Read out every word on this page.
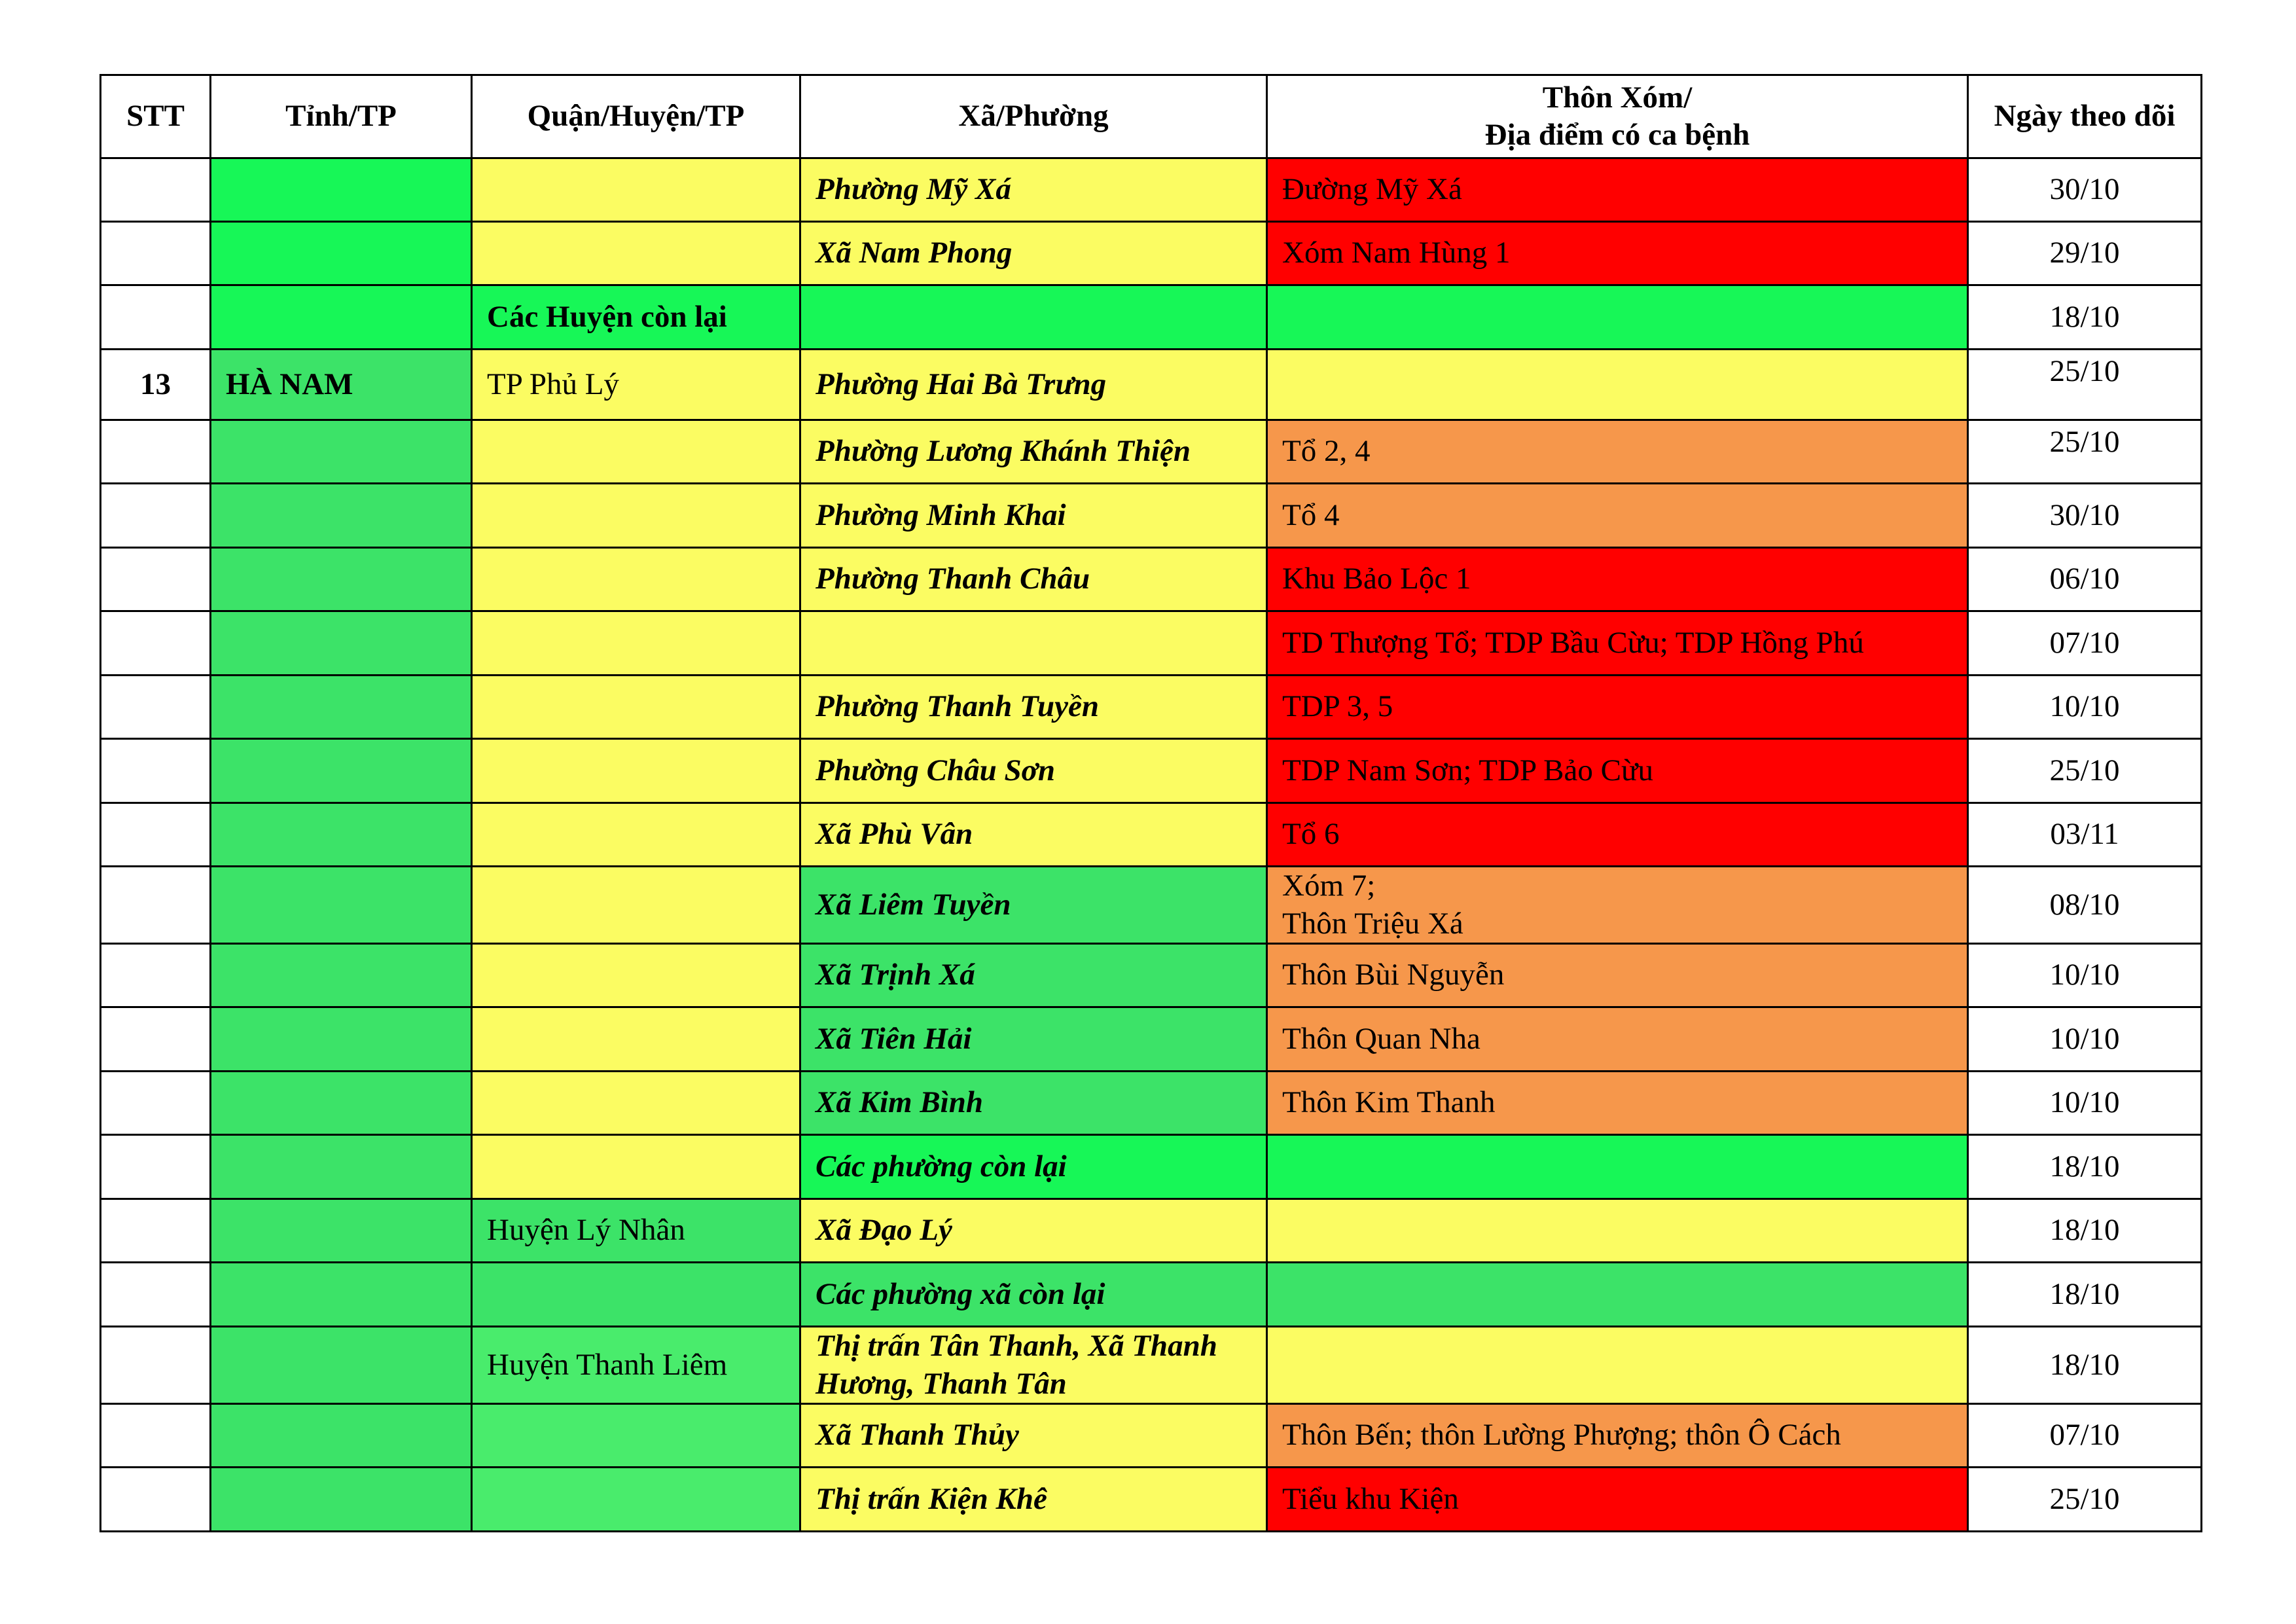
STT	Tỉnh/TP	Quận/Huyện/TP	Xã/Phường	Thôn Xóm/
Địa điểm có ca bệnh	Ngày theo dõi
			Phường Mỹ Xá	Đường Mỹ Xá	30/10
			Xã Nam Phong	Xóm Nam Hùng 1	29/10
		Các Huyện còn lại			18/10
13	HÀ NAM	TP Phủ Lý	Phường Hai Bà Trưng		25/10
			Phường Lương Khánh Thiện	Tổ 2, 4	25/10
			Phường Minh Khai	Tổ 4	30/10
			Phường Thanh Châu	Khu Bảo Lộc 1	06/10
				TD Thượng Tổ; TDP Bầu Cừu; TDP Hồng Phú	07/10
			Phường Thanh Tuyền	TDP 3, 5	10/10
			Phường Châu Sơn	TDP Nam Sơn; TDP Bảo Cừu	25/10
			Xã Phù Vân	Tổ 6	03/11
			Xã Liêm Tuyền	Xóm 7;
Thôn Triệu Xá	08/10
			Xã Trịnh Xá	Thôn Bùi Nguyễn	10/10
			Xã Tiên Hải	Thôn Quan Nha	10/10
			Xã Kim Bình	Thôn Kim Thanh	10/10
			Các phường còn lại		18/10
		Huyện Lý Nhân	Xã Đạo Lý		18/10
			Các phường xã còn lại		18/10
		Huyện Thanh Liêm	Thị trấn Tân Thanh, Xã Thanh Hương, Thanh Tân		18/10
			Xã Thanh Thủy	Thôn Bến; thôn Lường Phượng; thôn Ô Cách	07/10
			Thị trấn Kiện Khê	Tiểu khu Kiện	25/10
